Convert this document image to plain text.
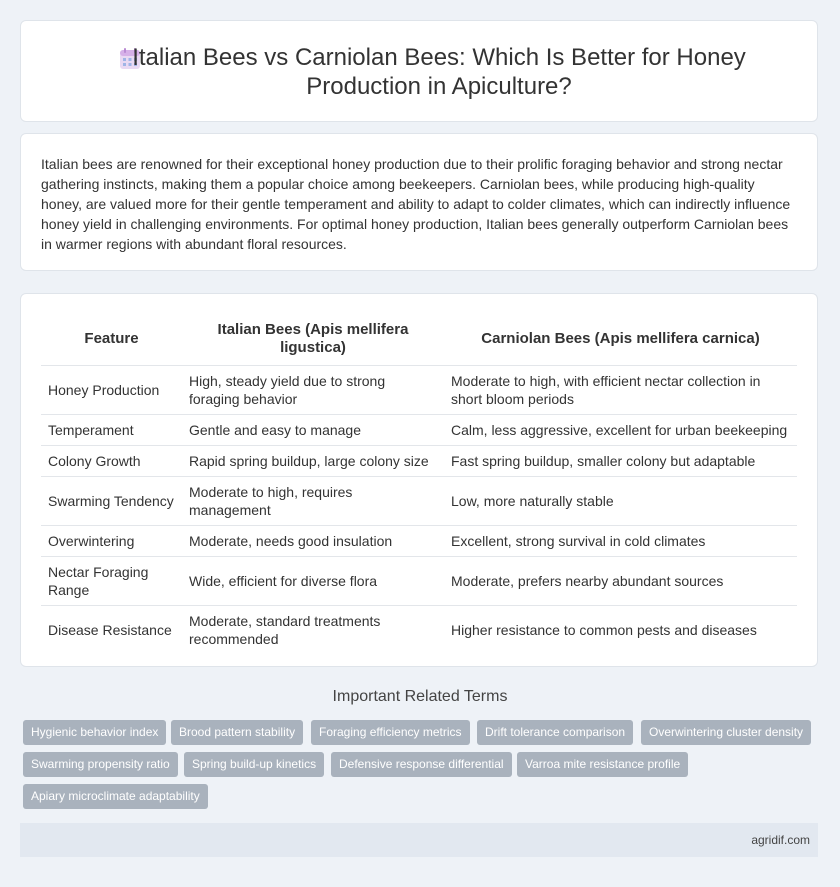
Italian Bees vs Carniolan Bees: Which Is Better for Honey
Production in Apiculture?

Italian bees are renowned for their exceptional honey production due to their prolific foraging behavior and strong nectar gathering instincts, making them a popular choice among beekeepers. Carniolan bees, while producing high-quality honey, are valued more for their gentle temperament and ability to adapt to colder climates, which can indirectly influence honey yield in challenging environments. For optimal honey production, Italian bees generally outperform Carniolan bees in warmer regions with abundant floral resources.

Feature	Italian Bees (Apis mellifera ligustica)	Carniolan Bees (Apis mellifera carnica)
Honey Production	High, steady yield due to strong foraging behavior	Moderate to high, with efficient nectar collection in short bloom periods
Temperament	Gentle and easy to manage	Calm, less aggressive, excellent for urban beekeeping
Colony Growth	Rapid spring buildup, large colony size	Fast spring buildup, smaller colony but adaptable
Swarming Tendency	Moderate to high, requires management	Low, more naturally stable
Overwintering	Moderate, needs good insulation	Excellent, strong survival in cold climates
Nectar Foraging Range	Wide, efficient for diverse flora	Moderate, prefers nearby abundant sources
Disease Resistance	Moderate, standard treatments recommended	Higher resistance to common pests and diseases
Important Related Terms
Hygienic behavior index	Brood pattern stability	Foraging efficiency metrics	Drift tolerance comparison	Overwintering cluster density
Swarming propensity ratio	Spring build-up kinetics	Defensive response differential	Varroa mite resistance profile
Apiary microclimate adaptability
agridif.com
